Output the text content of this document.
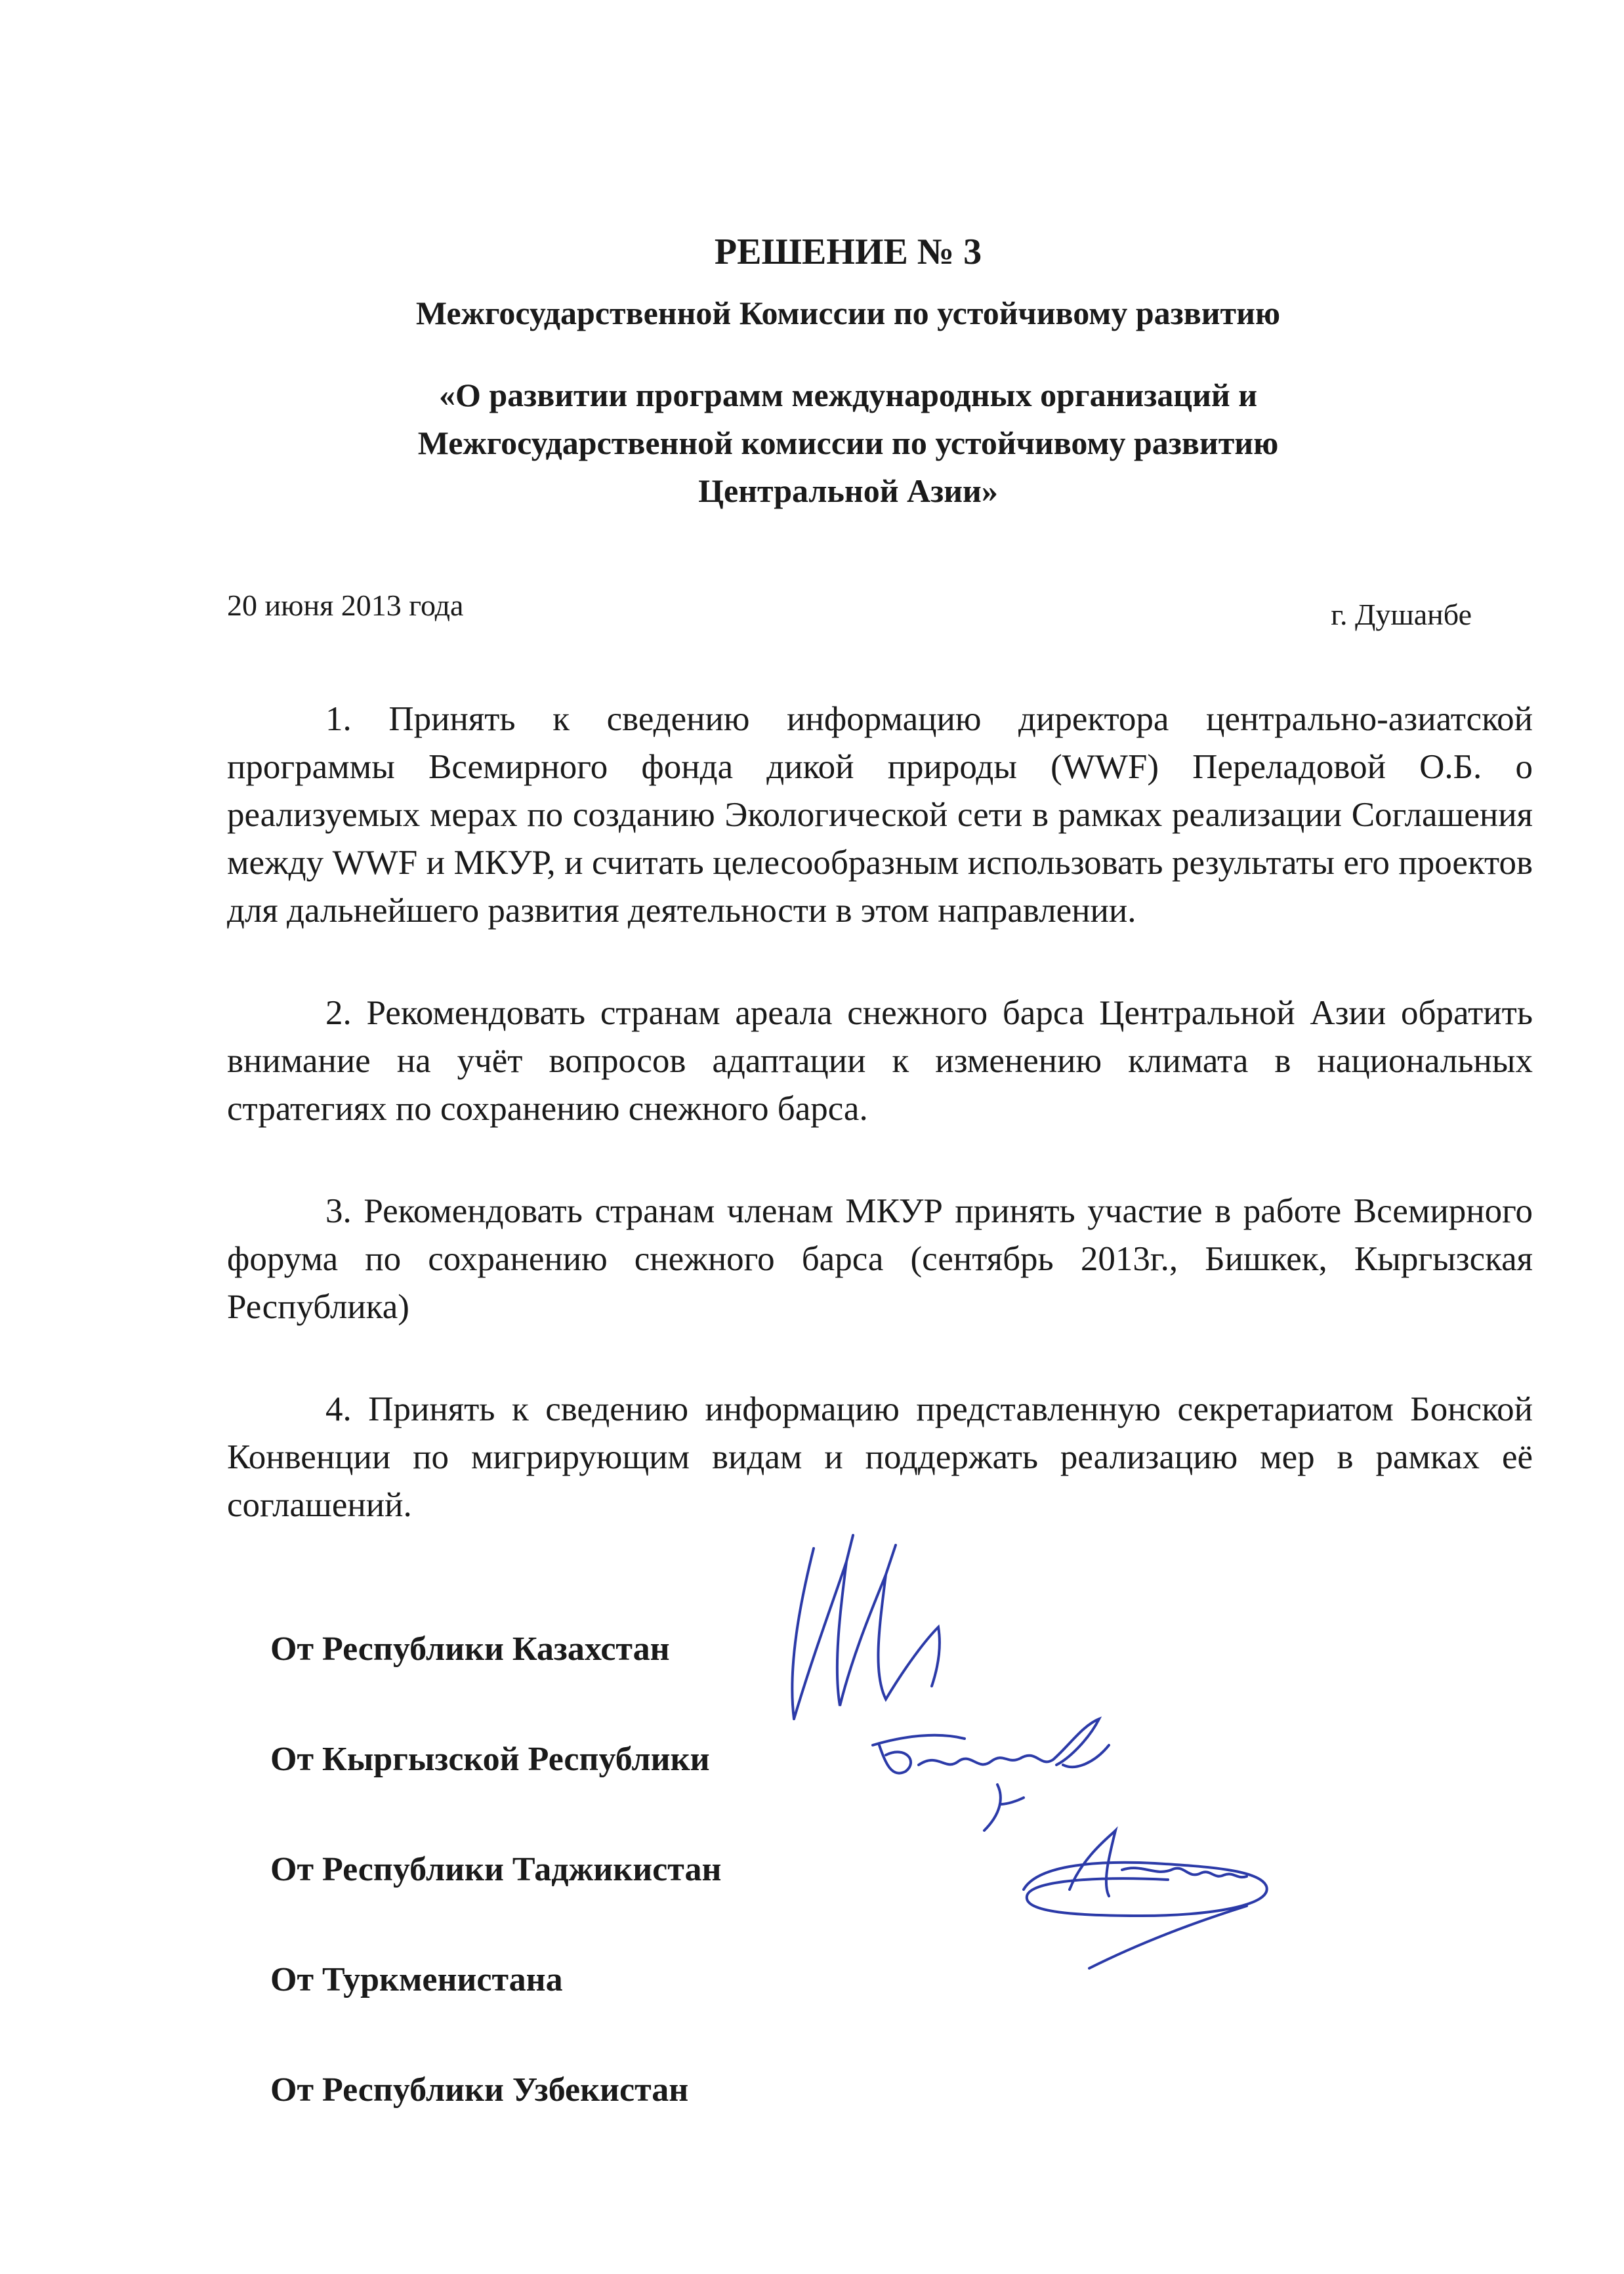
РЕШЕНИЕ № 3
Межгосударственной Комиссии по устойчивому развитию
«О развитии программ международных организаций и
Межгосударственной комиссии по устойчивому развитию
Центральной Азии»
20 июня 2013 года	г. Душанбе

1. Принять к сведению информацию директора центрально-азиатской программы Всемирного фонда дикой природы (WWF) Переладовой О.Б. о реализуемых мерах по созданию Экологической сети в рамках реализации Соглашения между WWF и МКУР, и считать целесообразным использовать результаты его проектов для дальнейшего развития деятельности в этом направлении.

2. Рекомендовать странам ареала снежного барса Центральной Азии обратить внимание на учёт вопросов адаптации к изменению климата в национальных стратегиях по сохранению снежного барса.

3. Рекомендовать странам членам МКУР принять участие в работе Всемирного форума по сохранению снежного барса (сентябрь 2013г., Бишкек, Кыргызская Республика)

4. Принять к сведению информацию представленную секретариатом Бонской Конвенции по мигрирующим видам и поддержать реализацию мер в рамках её соглашений.

От Республики Казахстан
От Кыргызской Республики
От Республики Таджикистан
От Туркменистана
От Республики Узбекистан
